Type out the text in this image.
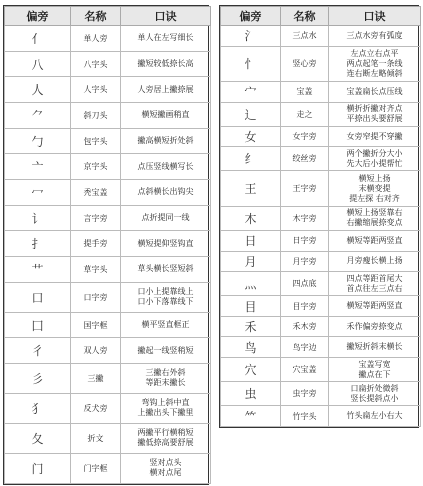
偏旁	名称	口诀
亻	单人旁	单人在左写细长
八	八字头	撇短较低捺长高
人	人字头	人旁居上撇捺展
⺈	斜刀头	横短撇画稍直
勹	包字头	撇高横短折处斜
亠	京字头	点压竖线横写长
冖	秃宝盖	点斜横长出钩尖
讠	言字旁	点折提同一线
扌	提手旁	横短提仰竖钩直
艹	草字头	草头横长竖短斜
口	口字旁	口小上提靠线上
口小下落靠线下
囗	国字框	横平竖直框正
彳	双人旁	撇起一线竖稍短
彡	三撇	三撇右外斜
等距末撇长
犭	反犬旁	弯钩上斜中直
上撇出头下撇里
夂	折文	两撇平行横稍短
撇低捺高要舒展
门	门字框	竖对点头
横对点尾
偏旁	名称	口诀
氵	三点水	三点水旁有弧度
忄	竖心旁	左点立右点平
两点起笔一条线
连右断左略倾斜
宀	宝盖	宝盖扁长点压线
辶	走之	横折折撇对齐点
平捺出头要舒展
女	女字旁	女旁窄提不穿撇
纟	绞丝旁	两个撇折分大小
先大后小提帮忙
王	王字旁	横短上扬
末横变提
提左探 右对齐
木	木字旁	横短上扬竖靠右
右撇缩展捺变点
日	日字旁	横短等距两竖直
月	月字旁	月旁瘦长横上扬
灬	四点底	四点等距首尾大
首点往左三点右
目	目字旁	横短等距两竖直
禾	禾木旁	禾作偏旁捺变点
鸟	鸟字边	撇短折斜末横长
穴	穴宝盖	宝盖写宽
撇点在下
虫	虫字旁	口扁折处微斜
竖长提斜点小
⺮	竹字头	竹头扁左小右大
